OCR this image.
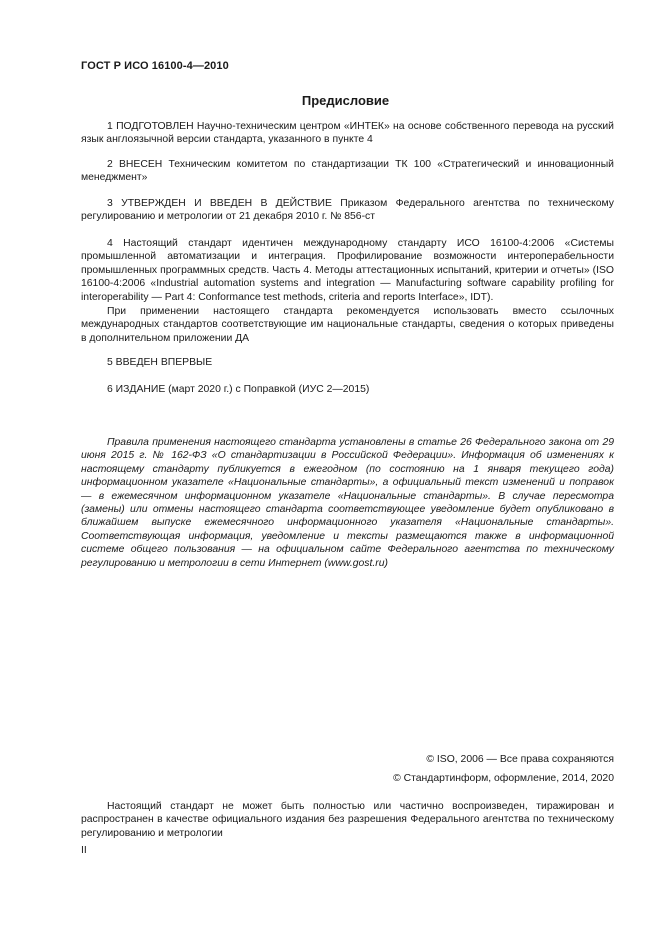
ГОСТ Р ИСО 16100-4—2010
Предисловие
1 ПОДГОТОВЛЕН Научно-техническим центром «ИНТЕК» на основе собственного перевода на русский язык англоязычной версии стандарта, указанного в пункте 4
2 ВНЕСЕН Техническим комитетом по стандартизации ТК 100 «Стратегический и инновационный менеджмент»
3 УТВЕРЖДЕН И ВВЕДЕН В ДЕЙСТВИЕ Приказом Федерального агентства по техническому регулированию и метрологии от 21 декабря 2010 г. № 856-ст
4 Настоящий стандарт идентичен международному стандарту ИСО 16100-4:2006 «Системы промышленной автоматизации и интеграция. Профилирование возможности интероперабельности промышленных программных средств. Часть 4. Методы аттестационных испытаний, критерии и отчеты» (ISO 16100-4:2006 «Industrial automation systems and integration — Manufacturing software capability profiling for interoperability — Part 4: Conformance test methods, criteria and reports Interface», IDT).
При применении настоящего стандарта рекомендуется использовать вместо ссылочных международных стандартов соответствующие им национальные стандарты, сведения о которых приведены в дополнительном приложении ДА
5 ВВЕДЕН ВПЕРВЫЕ
6 ИЗДАНИЕ (март 2020 г.) с Поправкой (ИУС 2—2015)
Правила применения настоящего стандарта установлены в статье 26 Федерального закона от 29 июня 2015 г. № 162-ФЗ «О стандартизации в Российской Федерации». Информация об изменениях к настоящему стандарту публикуется в ежегодном (по состоянию на 1 января текущего года) информационном указателе «Национальные стандарты», а официальный текст изменений и поправок — в ежемесячном информационном указателе «Национальные стандарты». В случае пересмотра (замены) или отмены настоящего стандарта соответствующее уведомление будет опубликовано в ближайшем выпуске ежемесячного информационного указателя «Национальные стандарты». Соответствующая информация, уведомление и тексты размещаются также в информационной системе общего пользования — на официальном сайте Федерального агентства по техническому регулированию и метрологии в сети Интернет (www.gost.ru)
© ISO, 2006 — Все права сохраняются
© Стандартинформ, оформление, 2014, 2020
Настоящий стандарт не может быть полностью или частично воспроизведен, тиражирован и распространен в качестве официального издания без разрешения Федерального агентства по техническому регулированию и метрологии
II
